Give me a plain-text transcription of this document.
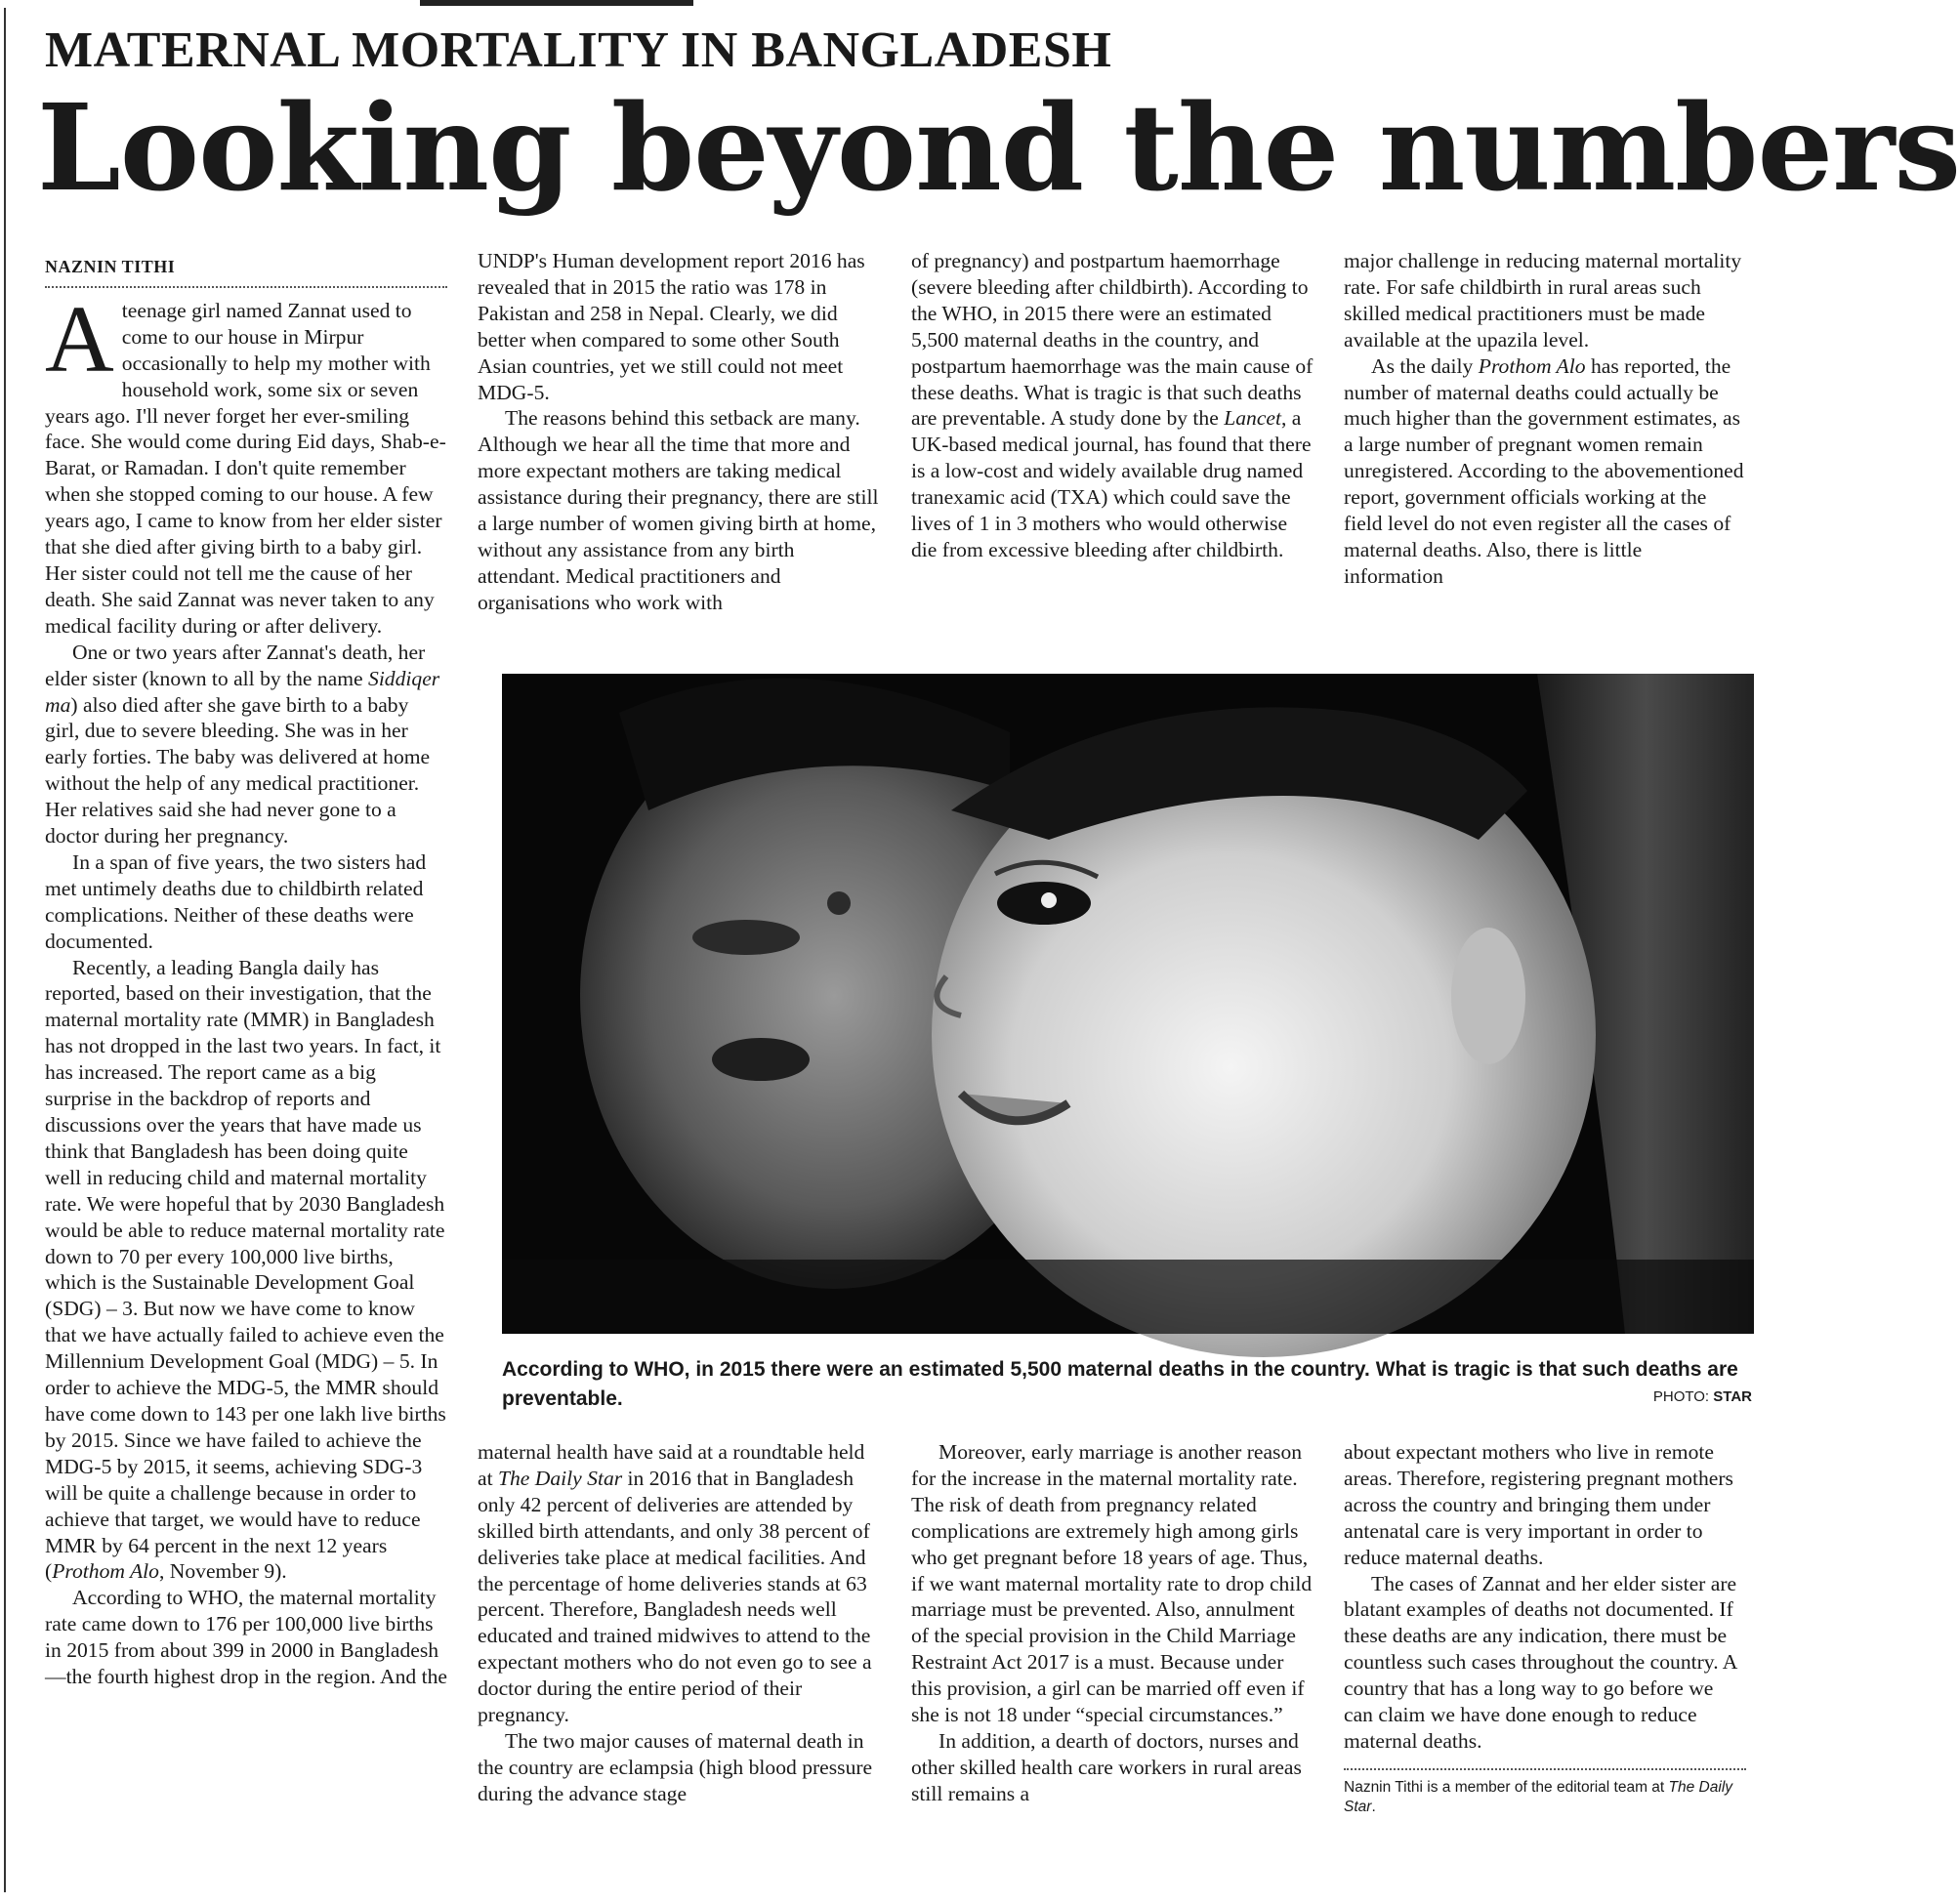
MATERNAL MORTALITY IN BANGLADESH
Looking beyond the numbers
NAZNIN TITHI

Ateenage girl named Zannat used to come to our house in Mirpur occasionally to help my mother with household work, some six or seven years ago. I'll never forget her ever-smiling face. She would come during Eid days, Shab-e-Barat, or Ramadan. I don't quite remember when she stopped coming to our house. A few years ago, I came to know from her elder sister that she died after giving birth to a baby girl. Her sister could not tell me the cause of her death. She said Zannat was never taken to any medical facility during or after delivery.

One or two years after Zannat's death, her elder sister (known to all by the name Siddiqer ma) also died after she gave birth to a baby girl, due to severe bleeding. She was in her early forties. The baby was delivered at home without the help of any medical practitioner. Her relatives said she had never gone to a doctor during her pregnancy.

In a span of five years, the two sisters had met untimely deaths due to childbirth related complications. Neither of these deaths were documented.

Recently, a leading Bangla daily has reported, based on their investigation, that the maternal mortality rate (MMR) in Bangladesh has not dropped in the last two years. In fact, it has increased. The report came as a big surprise in the backdrop of reports and discussions over the years that have made us think that Bangladesh has been doing quite well in reducing child and maternal mortality rate. We were hopeful that by 2030 Bangladesh would be able to reduce maternal mortality rate down to 70 per every 100,000 live births, which is the Sustainable Development Goal (SDG) – 3. But now we have come to know that we have actually failed to achieve even the Millennium Development Goal (MDG) – 5. In order to achieve the MDG-5, the MMR should have come down to 143 per one lakh live births by 2015. Since we have failed to achieve the MDG-5 by 2015, it seems, achieving SDG-3 will be quite a challenge because in order to achieve that target, we would have to reduce MMR by 64 percent in the next 12 years (Prothom Alo, November 9).

According to WHO, the maternal mortality rate came down to 176 per 100,000 live births in 2015 from about 399 in 2000 in Bangladesh—the fourth highest drop in the region. And the

UNDP's Human development report 2016 has revealed that in 2015 the ratio was 178 in Pakistan and 258 in Nepal. Clearly, we did better when compared to some other South Asian countries, yet we still could not meet MDG-5.

The reasons behind this setback are many. Although we hear all the time that more and more expectant mothers are taking medical assistance during their pregnancy, there are still a large number of women giving birth at home, without any assistance from any birth attendant. Medical practitioners and organisations who work with

of pregnancy) and postpartum haemorrhage (severe bleeding after childbirth). According to the WHO, in 2015 there were an estimated 5,500 maternal deaths in the country, and postpartum haemorrhage was the main cause of these deaths. What is tragic is that such deaths are preventable. A study done by the Lancet, a UK-based medical journal, has found that there is a low-cost and widely available drug named tranexamic acid (TXA) which could save the lives of 1 in 3 mothers who would otherwise die from excessive bleeding after childbirth.

major challenge in reducing maternal mortality rate. For safe childbirth in rural areas such skilled medical practitioners must be made available at the upazila level.

As the daily Prothom Alo has reported, the number of maternal deaths could actually be much higher than the government estimates, as a large number of pregnant women remain unregistered. According to the abovementioned report, government officials working at the field level do not even register all the cases of maternal deaths. Also, there is little information

According to WHO, in 2015 there were an estimated 5,500 maternal deaths in the country. What is tragic is that such deaths are preventable.	PHOTO: STAR

maternal health have said at a roundtable held at The Daily Star in 2016 that in Bangladesh only 42 percent of deliveries are attended by skilled birth attendants, and only 38 percent of deliveries take place at medical facilities. And the percentage of home deliveries stands at 63 percent. Therefore, Bangladesh needs well educated and trained midwives to attend to the expectant mothers who do not even go to see a doctor during the entire period of their pregnancy.

The two major causes of maternal death in the country are eclampsia (high blood pressure during the advance stage

Moreover, early marriage is another reason for the increase in the maternal mortality rate. The risk of death from pregnancy related complications are extremely high among girls who get pregnant before 18 years of age. Thus, if we want maternal mortality rate to drop child marriage must be prevented. Also, annulment of the special provision in the Child Marriage Restraint Act 2017 is a must. Because under this provision, a girl can be married off even if she is not 18 under “special circumstances.”

In addition, a dearth of doctors, nurses and other skilled health care workers in rural areas still remains a

about expectant mothers who live in remote areas. Therefore, registering pregnant mothers across the country and bringing them under antenatal care is very important in order to reduce maternal deaths.

The cases of Zannat and her elder sister are blatant examples of deaths not documented. If these deaths are any indication, there must be countless such cases throughout the country. A country that has a long way to go before we can claim we have done enough to reduce maternal deaths.

Naznin Tithi is a member of the editorial team at The Daily Star.
